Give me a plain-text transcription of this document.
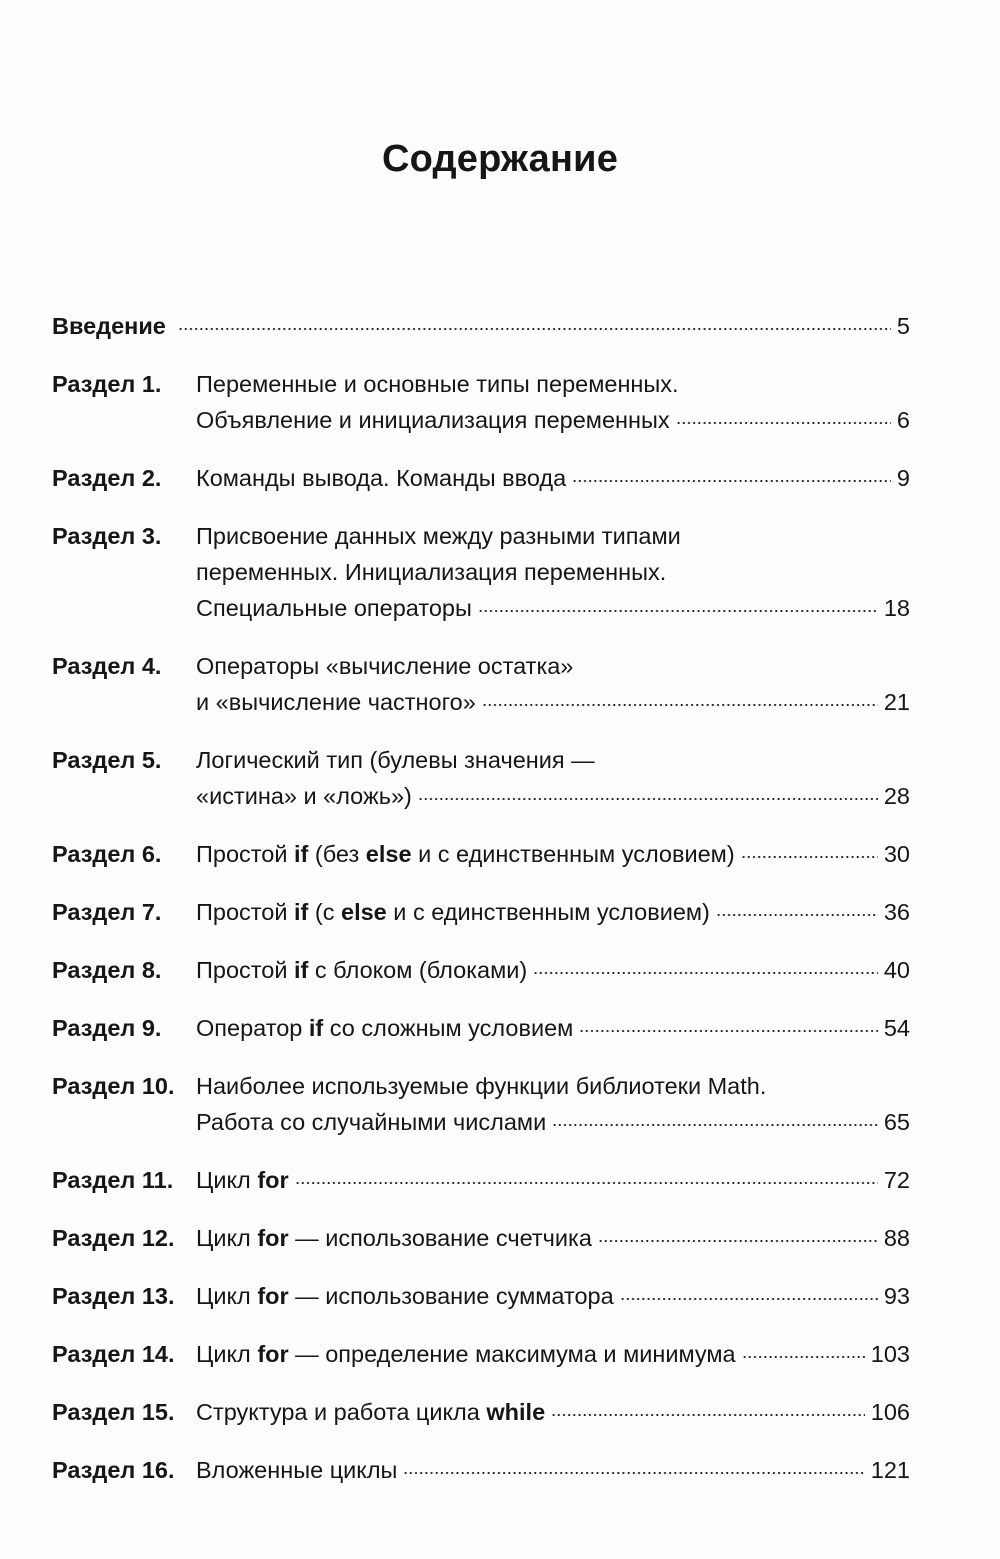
Содержание
Введение	5
Раздел 1.	Переменные и основные типы переменных.
Объявление и инициализация переменных	6
Раздел 2.	Команды вывода. Команды ввода	9
Раздел 3.	Присвоение данных между разными типами
переменных. Инициализация переменных.
Специальные операторы	18
Раздел 4.	Операторы «вычисление остатка»
и «вычисление частного»	21
Раздел 5.	Логический тип (булевы значения —
«истина» и «ложь»)	28
Раздел 6.	Простой if (без else и с единственным условием)	30
Раздел 7.	Простой if (с else и с единственным условием)	36
Раздел 8.	Простой if с блоком (блоками)	40
Раздел 9.	Оператор if со сложным условием	54
Раздел 10. Наиболее используемые функции библиотеки Math.
Работа со случайными числами	65
Раздел 11. Цикл for	72
Раздел 12. Цикл for — использование счетчика	88
Раздел 13. Цикл for — использование сумматора	93
Раздел 14. Цикл for — определение максимума и минимума	103
Раздел 15. Структура и работа цикла while	106
Раздел 16. Вложенные циклы	121
